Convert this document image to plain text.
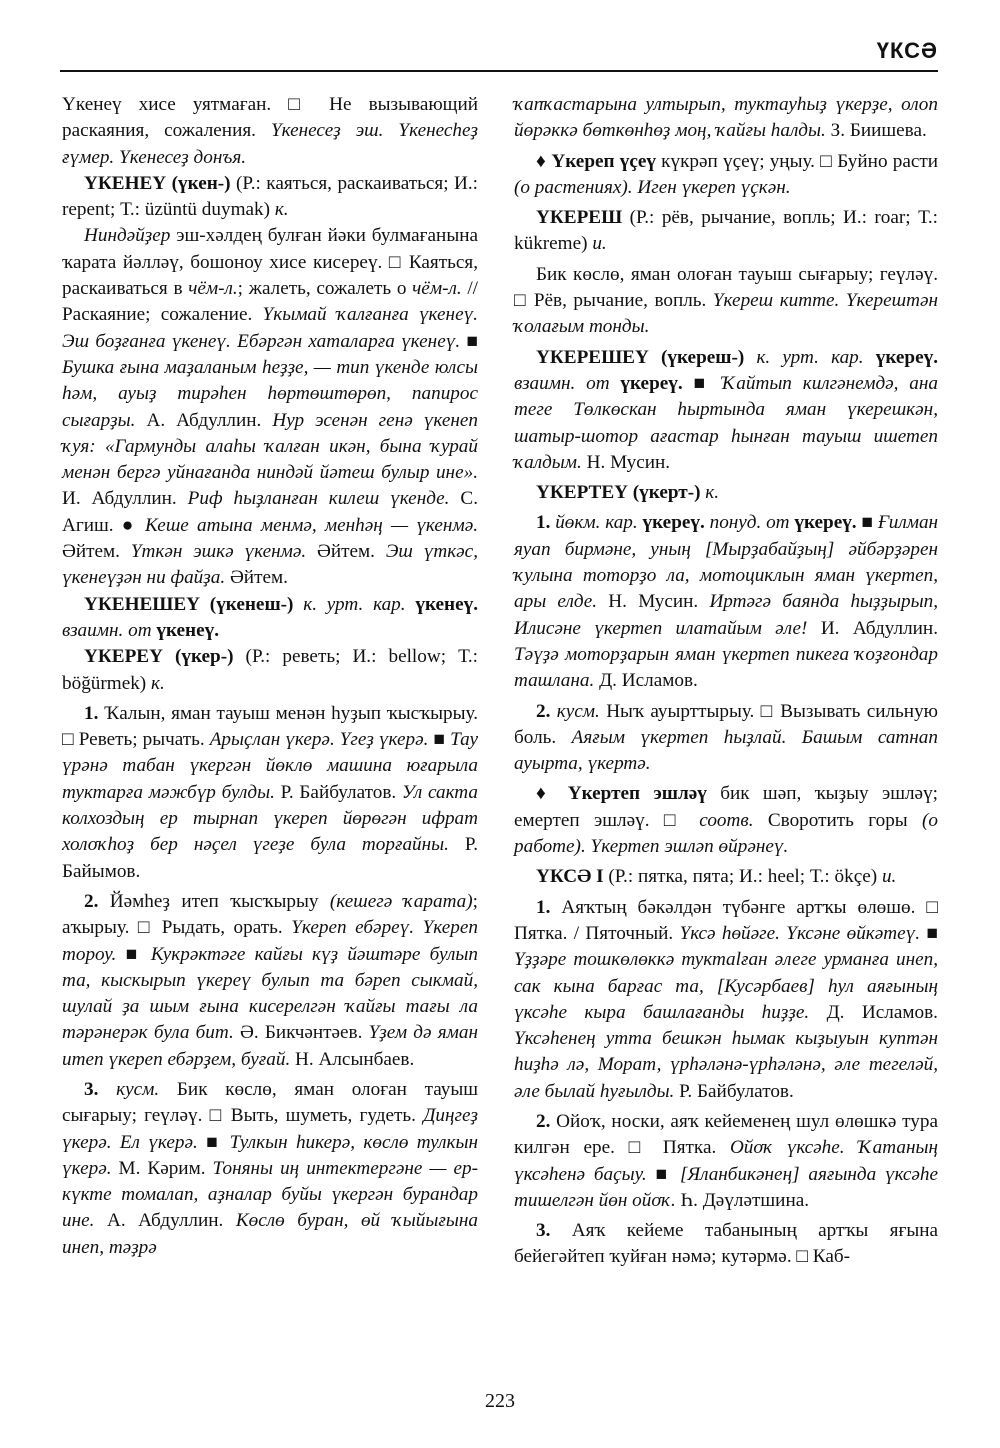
ҮКСӘ

Үкенеү хисе уятмаған. □ Не вызывающий раскаяния, сожаления. Үкенесеҙ эш. Үкенесһеҙ ғүмер. Үкенесеҙ донъя.

ҮКЕНЕҮ (үкен-) (Р.: каяться, раскаиваться; И.: repent; Т.: üzüntü duymak) к.

Ниндәйҙер эш-хәлдең булған йәки булмағанына ҡарата йәлләү, бошоноу хисе кисереү. □ Каяться, раскаиваться в чём-л.; жалеть, сожалеть о чём-л. // Раскаяние; сожаление. Үкымай ҡалғанға үкенеү. Эш боҙғанға үкенеү. Ебәргән хаталарға үкенеү. ■ Бушка ғына маҙаланым һеҙҙе, — тип үкенде юлсы һәм, ауыҙ тирәһен һөртөштөрөп, папирос сығарҙы. А. Абдуллин. Нур эсенән генә үкенеп ҡуя: «Гармунды алаһы ҡалған икән, бына ҡурай менән бергә уйнағанда ниндәй йәтеш булыр ине». И. Абдуллин. Риф һыҙланған килеш үкенде. С. Агиш. ● Кеше атына менмә, менһәң — үкенмә. Әйтем. Үткән эшкә үкенмә. Әйтем. Эш үткәс, үкенеүҙән ни файҙа. Әйтем.

ҮКЕНЕШЕҮ (үкенеш-) к. урт. кар. үкенеү. взаимн. от үкенеү.

ҮКЕРЕҮ (үкер-) (Р.: реветь; И.: bellow; Т.: böğürmek) к.

1. Ҡалын, яман тауыш менән һуҙып ҡысҡырыу. □ Реветь; рычать. Арыҫлан үкерә. Үгеҙ үкерә. ■ Тау үрәнә табан үкергән йөклө машина юғарыла туктарға мәжбүр булды. Р. Байбулатов. Ул сакта колхоздың ер тырнап үкереп йөрөгән ифрат холоҡһоҙ бер нәҫел үгеҙе була торғайны. Р. Байымов.

2. Йәмһеҙ итеп ҡысҡырыу (кешегә ҡарата); аҡырыу. □ Рыдать, орать. Үкереп ебәреү. Үкереп тороу. ■ Кукрәктәге кайғы күҙ йәштәре булып та, кыскырып үкереү булып та бәреп сыкмай, шулай ҙа шым ғына кисерелгән ҡайғы тағы ла тәрәнерәк була бит. Ә. Бикчәнтәев. Үҙем дә яман итеп үкереп ебәрҙем, буғай. Н. Алсынбаев.

3. кусм. Бик көслө, яман олоған тауыш сығарыу; геүләү. □ Выть, шуметь, гудеть. Диңгеҙ үкерә. Ел үкерә. ■ Тулкын һикерә, көслө тулкын үкерә. М. Кәрим. Тоняны иң интектергәне — ер-күкте томалап, аҙналар буйы үкергән бурандар ине. А. Абдуллин. Көслө буран, өй ҡыйығына инеп, тәҙрә

ҡапҡастарына ултырып, туктауһыҙ үкерҙе, олоп йөрәккә бөткөнһөҙ моң, ҡайғы һалды. З. Биишева.

♦ Үкереп үҫеү күкрәп үҫеү; уңыу. □ Буйно расти (о растениях). Иген үкереп үҫкән.

ҮКЕРЕШ (Р.: рёв, рычание, вопль; И.: roar; Т.: kükreme) и.

Бик көслө, яман олоған тауыш сығарыу; геүләү. □ Рёв, рычание, вопль. Үкереш китте. Үкерештән ҡолағым тонды.

ҮКЕРЕШЕҮ (үкереш-) к. урт. кар. үкереү. взаимн. от үкереү. ■ Ҡайтып килгәнемдә, ана теге Төлкөскан һыртында яман үкерешкән, шатыр-шотор ағастар һынған тауыш ишетеп ҡалдым. Н. Мусин.

ҮКЕРТЕҮ (үкерт-) к.

1. йөкм. кар. үкереү. понуд. от үкереү. ■ Ғилман яуап бирмәне, уның [Мырҙабайҙың] әйбәрҙәрен ҡулына тоторҙо ла, мотоциклын яман үкертеп, ары елде. Н. Мусин. Иртәгә баянда һыҙҙырып, Илисәне үкертеп илатайым әле! И. Абдуллин. Тәүҙә моторҙарын яман үкертеп пикеға ҡоҙғондар ташлана. Д. Исламов.

2. кусм. Ныҡ ауырттырыу. □ Вызывать сильную боль. Аяғым үкертеп һыҙлай. Башым сатнап ауырта, үкертә.

♦ Үкертеп эшләү бик шәп, ҡыҙыу эшләү; емертеп эшләү. □ соотв. Своротить горы (о работе). Үкертеп эшләп өйрәнеү.

ҮКСӘ I (Р.: пятка, пята; И.: heel; Т.: ökçe) и.

1. Аяҡтың бәкәлдән түбәнге артҡы өлөшө. □ Пятка. / Пяточный. Үксә һөйәге. Үксәне өйкәтеү. ■ Үҙҙәре тошкөлөккә туктаlған әлеге урманға инеп, сак кына барғас та, [Кусәрбаев] һул аяғының үксәһе кыра башлағанды һиҙҙе. Д. Исламов. Үксәһенең утта бешкән һымак кыҙыуын куптән һиҙһә лә, Морат, үрһәләнә-үрһәләнә, әле тегеләй, әле былай һуғылды. Р. Байбулатов.

2. Ойоҡ, носки, аяҡ кейеменең шул өлөшкә тура килгән ере. □ Пятка. Ойоҡ үксәһе. Ҡатаның үксәһенә баҫыу. ■ [Яланбикәнең] аяғында үксәһе тишелгән йөн ойоҡ. Һ. Дәүләтшина.

3. Аяҡ кейеме табанының артҡы яғына бейегәйтеп ҡуйған нәмә; кутәрмә. □ Каб-

223
